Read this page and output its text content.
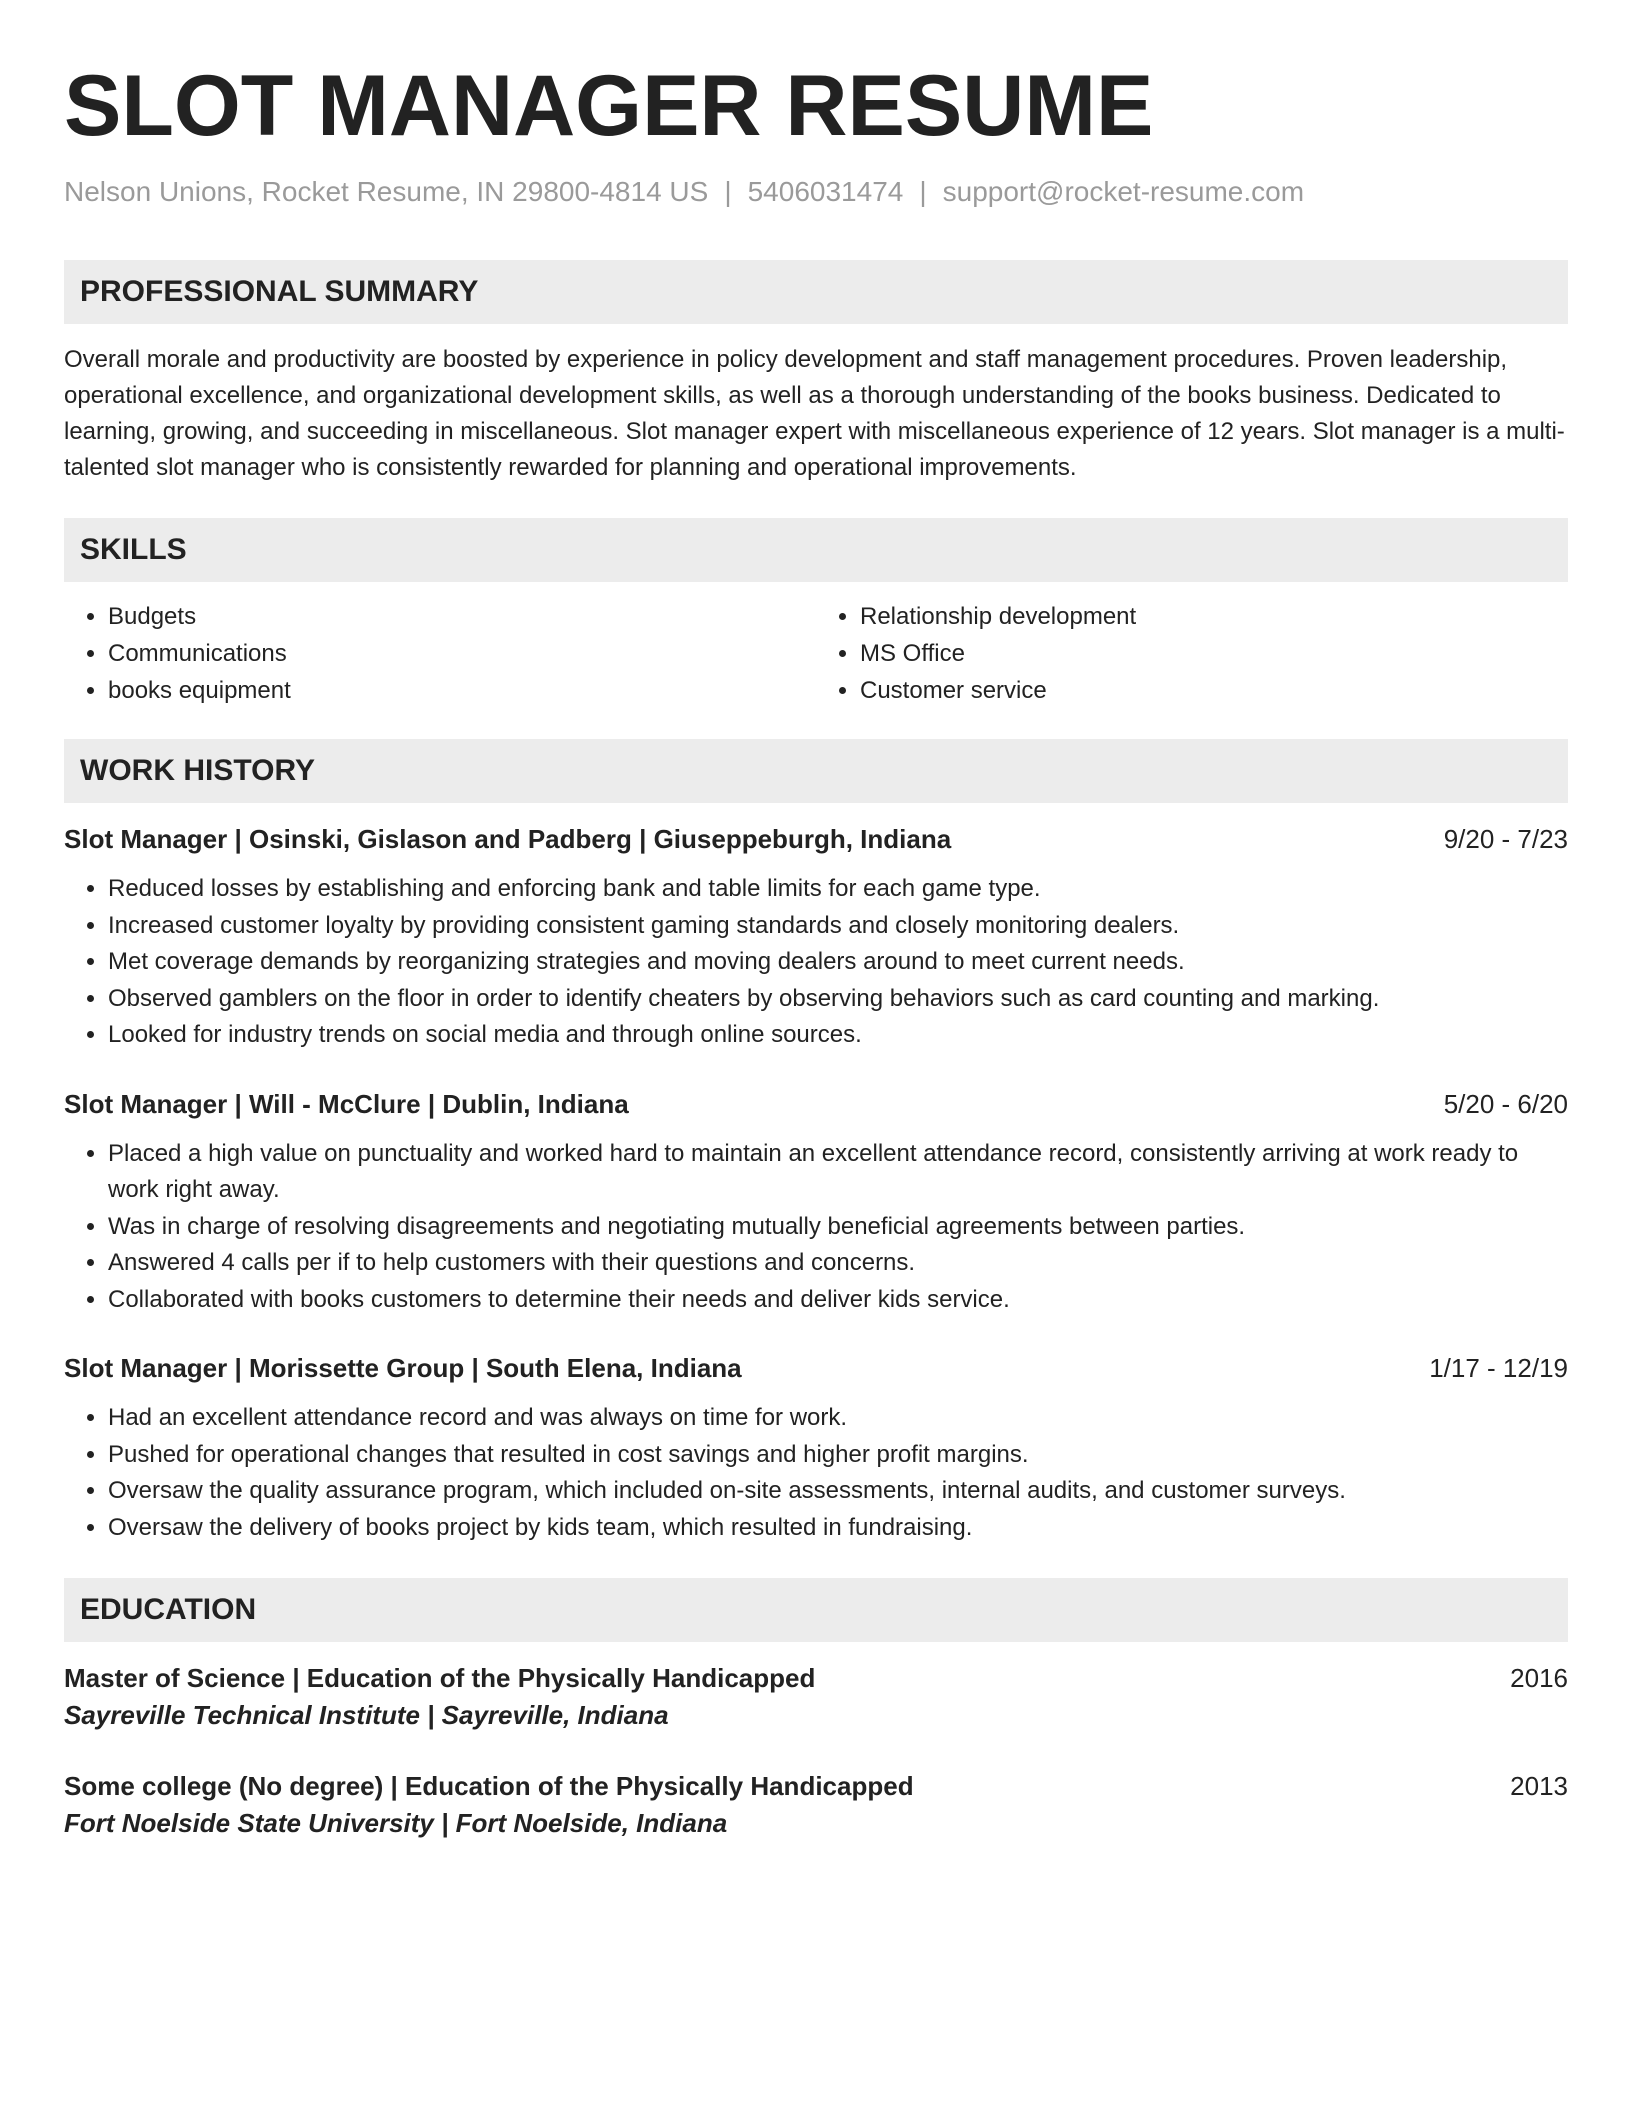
SLOT MANAGER RESUME
Nelson Unions, Rocket Resume, IN 29800-4814 US | 5406031474 | support@rocket-resume.com
PROFESSIONAL SUMMARY

Overall morale and productivity are boosted by experience in policy development and staff management procedures. Proven leadership, operational excellence, and organizational development skills, as well as a thorough understanding of the books business. Dedicated to learning, growing, and succeeding in miscellaneous. Slot manager expert with miscellaneous experience of 12 years. Slot manager is a multi-talented slot manager who is consistently rewarded for planning and operational improvements.

SKILLS
• Budgets
• Communications
• books equipment
• Relationship development
• MS Office
• Customer service
WORK HISTORY
Slot Manager | Osinski, Gislason and Padberg | Giuseppeburgh, Indiana	9/20 - 7/23
• Reduced losses by establishing and enforcing bank and table limits for each game type.
• Increased customer loyalty by providing consistent gaming standards and closely monitoring dealers.
• Met coverage demands by reorganizing strategies and moving dealers around to meet current needs.
• Observed gamblers on the floor in order to identify cheaters by observing behaviors such as card counting and marking.
• Looked for industry trends on social media and through online sources.
Slot Manager | Will - McClure | Dublin, Indiana	5/20 - 6/20
• Placed a high value on punctuality and worked hard to maintain an excellent attendance record, consistently arriving at work ready to work right away.
• Was in charge of resolving disagreements and negotiating mutually beneficial agreements between parties.
• Answered 4 calls per if to help customers with their questions and concerns.
• Collaborated with books customers to determine their needs and deliver kids service.
Slot Manager | Morissette Group | South Elena, Indiana	1/17 - 12/19
• Had an excellent attendance record and was always on time for work.
• Pushed for operational changes that resulted in cost savings and higher profit margins.
• Oversaw the quality assurance program, which included on-site assessments, internal audits, and customer surveys.
• Oversaw the delivery of books project by kids team, which resulted in fundraising.
EDUCATION
Master of Science | Education of the Physically Handicapped	2016
Sayreville Technical Institute | Sayreville, Indiana
Some college (No degree) | Education of the Physically Handicapped	2013
Fort Noelside State University | Fort Noelside, Indiana
